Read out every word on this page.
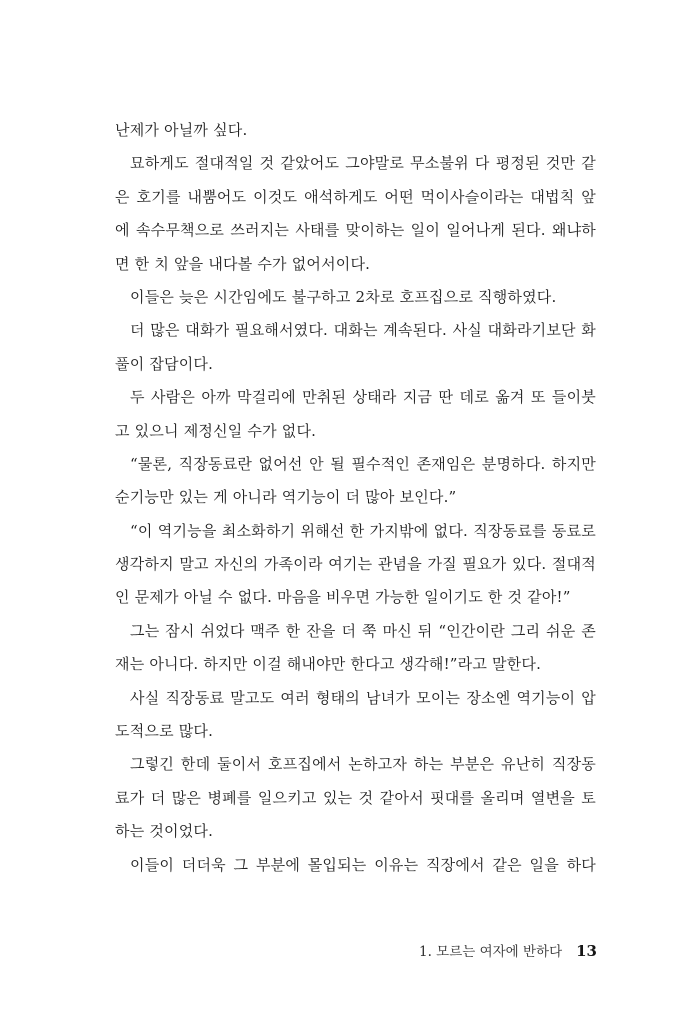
난제가 아닐까 싶다.
묘하게도 절대적일 것 같았어도 그야말로 무소불위 다 평정된 것만 같
은 호기를 내뿜어도 이것도 애석하게도 어떤 먹이사슬이라는 대법칙 앞
에 속수무책으로 쓰러지는 사태를 맞이하는 일이 일어나게 된다. 왜냐하
면 한 치 앞을 내다볼 수가 없어서이다.
이들은 늦은 시간임에도 불구하고 2차로 호프집으로 직행하였다.
더 많은 대화가 필요해서였다. 대화는 계속된다. 사실 대화라기보단 화
풀이 잡담이다.
두 사람은 아까 막걸리에 만취된 상태라 지금 딴 데로 옮겨 또 들이붓
고 있으니 제정신일 수가 없다.
“물론, 직장동료란 없어선 안 될 필수적인 존재임은 분명하다. 하지만
순기능만 있는 게 아니라 역기능이 더 많아 보인다.”
“이 역기능을 최소화하기 위해선 한 가지밖에 없다. 직장동료를 동료로
생각하지 말고 자신의 가족이라 여기는 관념을 가질 필요가 있다. 절대적
인 문제가 아닐 수 없다. 마음을 비우면 가능한 일이기도 한 것 같아!”
그는 잠시 쉬었다 맥주 한 잔을 더 쭉 마신 뒤 “인간이란 그리 쉬운 존
재는 아니다. 하지만 이걸 해내야만 한다고 생각해!”라고 말한다.
사실 직장동료 말고도 여러 형태의 남녀가 모이는 장소엔 역기능이 압
도적으로 많다.
그렇긴 한데 둘이서 호프집에서 논하고자 하는 부분은 유난히 직장동
료가 더 많은 병폐를 일으키고 있는 것 같아서 핏대를 올리며 열변을 토
하는 것이었다.
이들이 더더욱 그 부분에 몰입되는 이유는 직장에서 같은 일을 하다
1. 모르는 여자에 반하다 13
